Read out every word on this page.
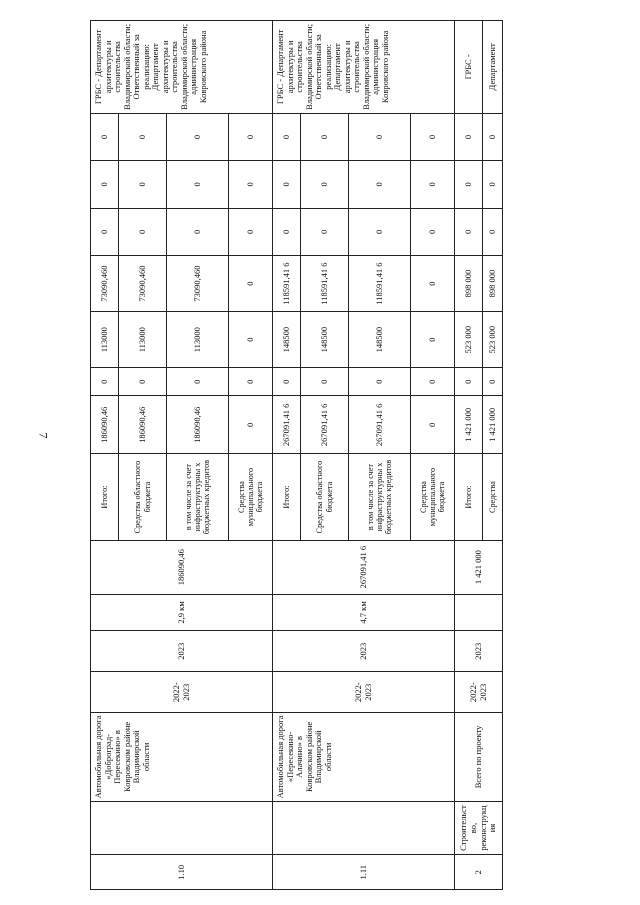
7
1.10		Автомобильная дорога «Доброград-Пересекино» в Ковровском районе Владимирской области	2022-2023	2023	2,9 км	186090,46	Итого:	186090,46	0	113000	73090,460	0	0	0	ГРБС - Департамент архитектуры и строительства Владимирской области; Ответственный за реализацию: Департамент архитектуры и строительства Владимирской области; администрация Ковровского района
							Средства областного бюджета	186090,46	0	113000	73090,460	0	0	0	
							в том числе за счет инфраструктурны х бюджетных кредитов	186090,46	0	113000	73090,460	0	0	0	
							Средства муниципального бюджета	0	0	0	0	0	0	0	
1.11		Автомобильная дорога «Пересекино-Алачино» в Ковровском районе Владимирской области	2022-2023	2023	4,7 км	267091,41 6	Итого:	267091,41 6	0	148500	118591,41 6	0	0	0	ГРБС - Департамент архитектуры и строительства Владимирской области; Ответственный за реализацию: Департамент архитектуры и строительства Владимирской области; администрация Ковровского района
							Средства областного бюджета	267091,41 6	0	148500	118591,41 6	0	0	0	
							в том числе за счет инфраструктурны х бюджетных кредитов	267091,41 6	0	148500	118591,41 6	0	0	0	
							Средства муниципального бюджета	0	0	0	0	0	0	0	
2	Строительство, реконструкция	Всего по проекту	2022-2023	2023		1 421 000	Итого:	1 421 000	0	523 000	898 000	0	0	0	ГРБС -
							Средства	1 421 000	0	523 000	898 000	0	0	0	Департамент
